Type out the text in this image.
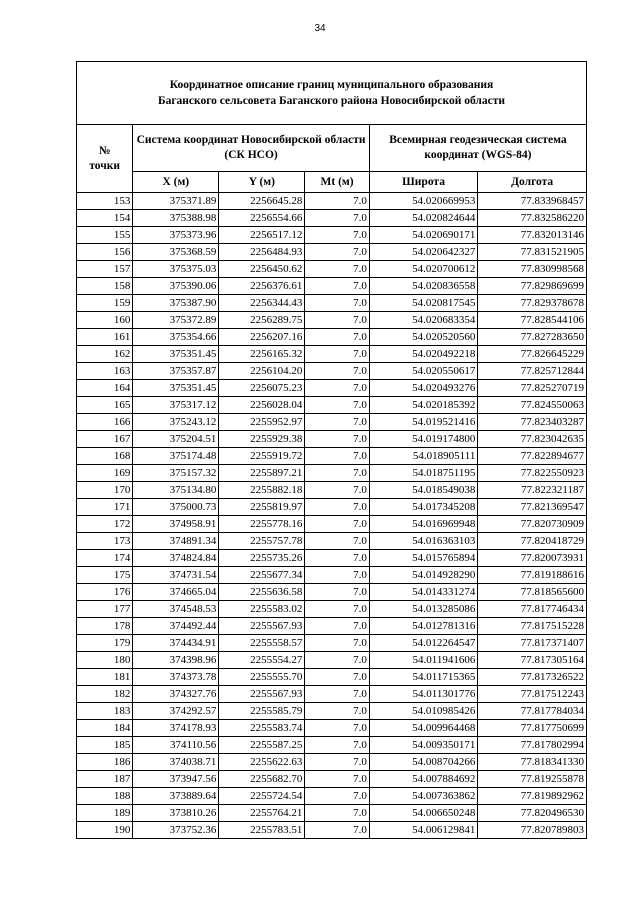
34
Координатное описание границ муниципального образования
Баганского сельсовета Баганского района Новосибирской области					

№
точки	Система координат Новосибирской области (СК НСО)			Всемирная геодезическая система координат (WGS-84)	
	X (м)	Y (м)	Mt (м)	Широта	Долгота
153	375371.89	2256645.28	7.0	54.020669953	77.833968457
154	375388.98	2256554.66	7.0	54.020824644	77.832586220
155	375373.96	2256517.12	7.0	54.020690171	77.832013146
156	375368.59	2256484.93	7.0	54.020642327	77.831521905
157	375375.03	2256450.62	7.0	54.020700612	77.830998568
158	375390.06	2256376.61	7.0	54.020836558	77.829869699
159	375387.90	2256344.43	7.0	54.020817545	77.829378678
160	375372.89	2256289.75	7.0	54.020683354	77.828544106
161	375354.66	2256207.16	7.0	54.020520560	77.827283650
162	375351.45	2256165.32	7.0	54.020492218	77.826645229
163	375357.87	2256104.20	7.0	54.020550617	77.825712844
164	375351.45	2256075.23	7.0	54.020493276	77.825270719
165	375317.12	2256028.04	7.0	54.020185392	77.824550063
166	375243.12	2255952.97	7.0	54.019521416	77.823403287
167	375204.51	2255929.38	7.0	54.019174800	77.823042635
168	375174.48	2255919.72	7.0	54.018905111	77.822894677
169	375157.32	2255897.21	7.0	54.018751195	77.822550923
170	375134.80	2255882.18	7.0	54.018549038	77.822321187
171	375000.73	2255819.97	7.0	54.017345208	77.821369547
172	374958.91	2255778.16	7.0	54.016969948	77.820730909
173	374891.34	2255757.78	7.0	54.016363103	77.820418729
174	374824.84	2255735.26	7.0	54.015765894	77.820073931
175	374731.54	2255677.34	7.0	54.014928290	77.819188616
176	374665.04	2255636.58	7.0	54.014331274	77.818565600
177	374548.53	2255583.02	7.0	54.013285086	77.817746434
178	374492.44	2255567.93	7.0	54.012781316	77.817515228
179	374434.91	2255558.57	7.0	54.012264547	77.817371407
180	374398.96	2255554.27	7.0	54.011941606	77.817305164
181	374373.78	2255555.70	7.0	54.011715365	77.817326522
182	374327.76	2255567.93	7.0	54.011301776	77.817512243
183	374292.57	2255585.79	7.0	54.010985426	77.817784034
184	374178.93	2255583.74	7.0	54.009964468	77.817750699
185	374110.56	2255587.25	7.0	54.009350171	77.817802994
186	374038.71	2255622.63	7.0	54.008704266	77.818341330
187	373947.56	2255682.70	7.0	54.007884692	77.819255878
188	373889.64	2255724.54	7.0	54.007363862	77.819892962
189	373810.26	2255764.21	7.0	54.006650248	77.820496530
190	373752.36	2255783.51	7.0	54.006129841	77.820789803
